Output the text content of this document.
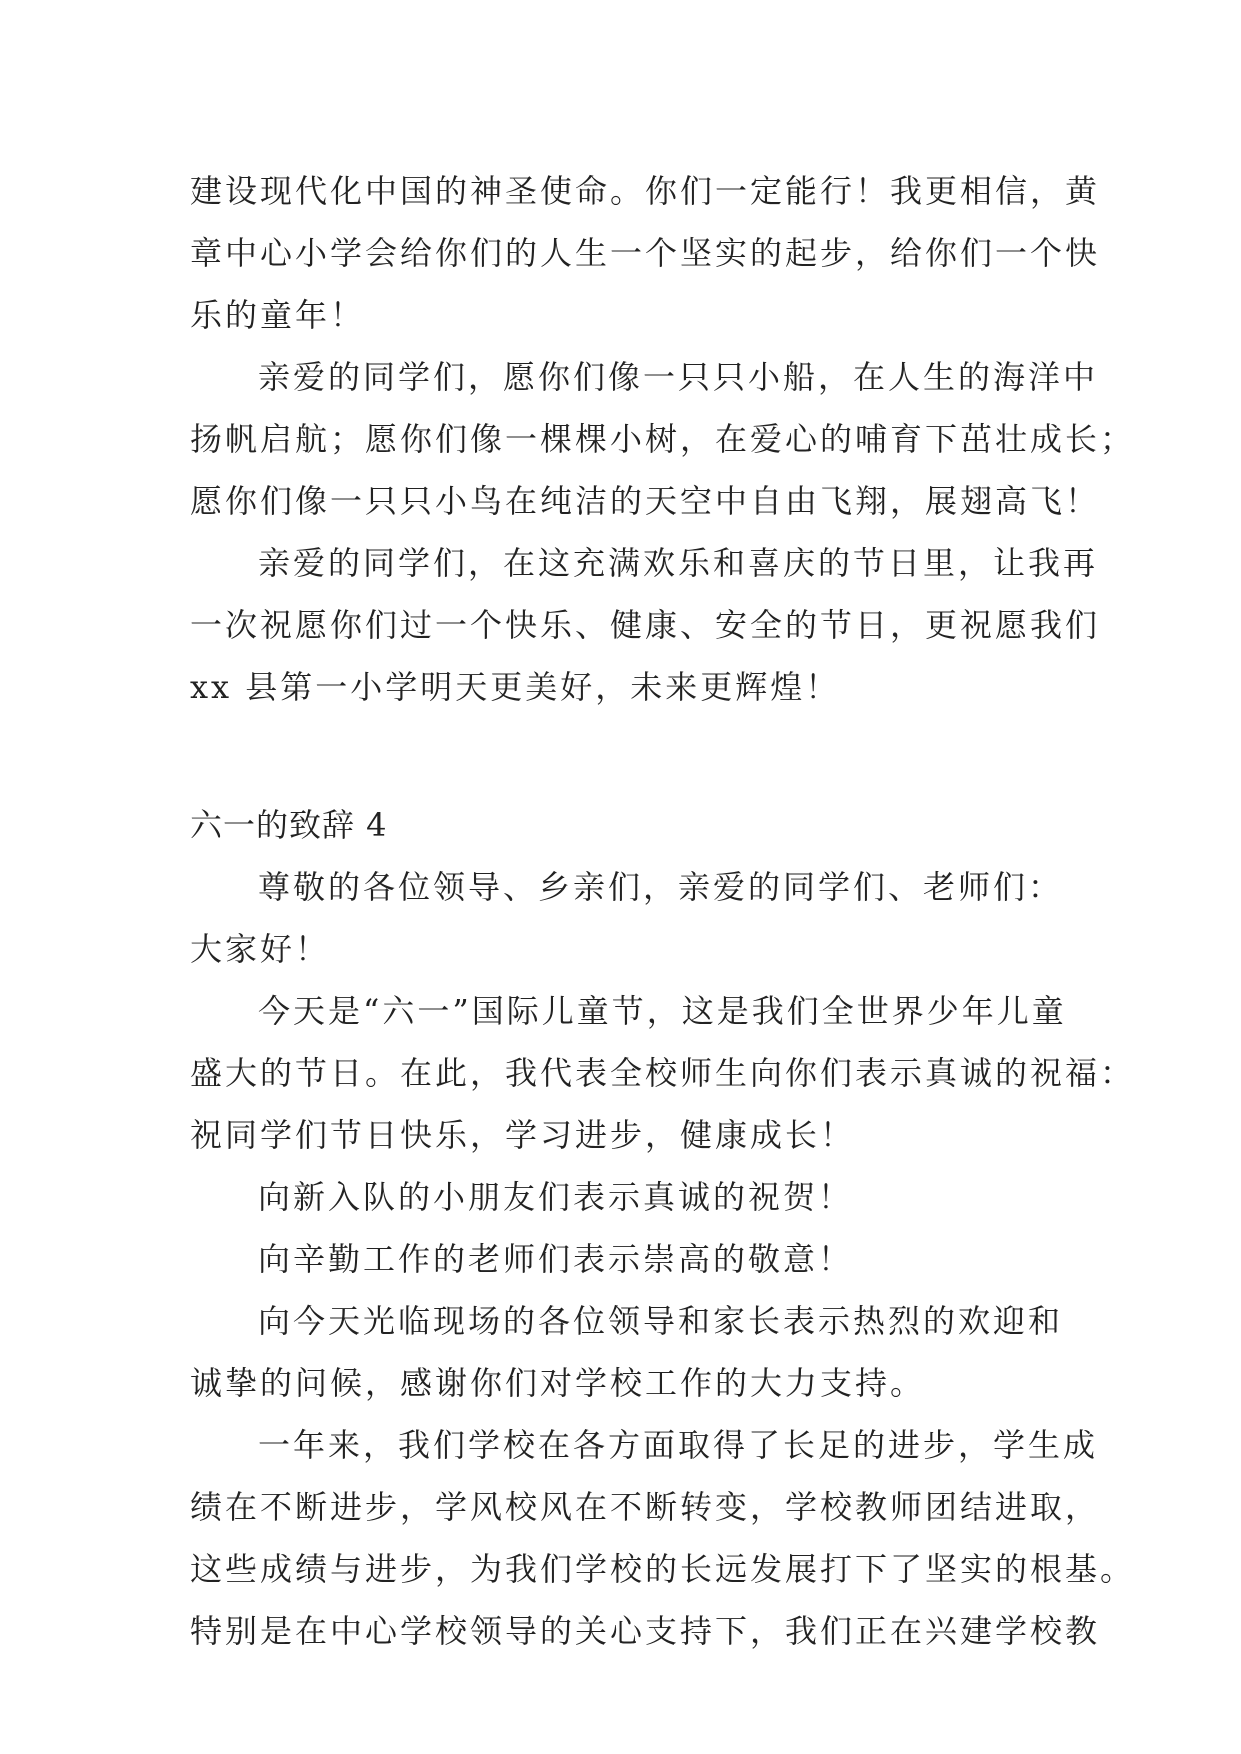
建设现代化中国的神圣使命。你们一定能行！我更相信，黄
章中心小学会给你们的人生一个坚实的起步，给你们一个快
乐的童年！
亲爱的同学们，愿你们像一只只小船，在人生的海洋中
扬帆启航；愿你们像一棵棵小树，在爱心的哺育下茁壮成长；
愿你们像一只只小鸟在纯洁的天空中自由飞翔，展翅高飞！
亲爱的同学们，在这充满欢乐和喜庆的节日里，让我再
一次祝愿你们过一个快乐、健康、安全的节日，更祝愿我们
xx 县第一小学明天更美好，未来更辉煌！
六一的致辞 4
尊敬的各位领导、乡亲们，亲爱的同学们、老师们：
大家好！
今天是“六一”国际儿童节，这是我们全世界少年儿童
盛大的节日。在此，我代表全校师生向你们表示真诚的祝福：
祝同学们节日快乐，学习进步，健康成长！
向新入队的小朋友们表示真诚的祝贺！
向辛勤工作的老师们表示崇高的敬意！
向今天光临现场的各位领导和家长表示热烈的欢迎和
诚挚的问候，感谢你们对学校工作的大力支持。
一年来，我们学校在各方面取得了长足的进步，学生成
绩在不断进步，学风校风在不断转变，学校教师团结进取，
这些成绩与进步，为我们学校的长远发展打下了坚实的根基。
特别是在中心学校领导的关心支持下，我们正在兴建学校教
